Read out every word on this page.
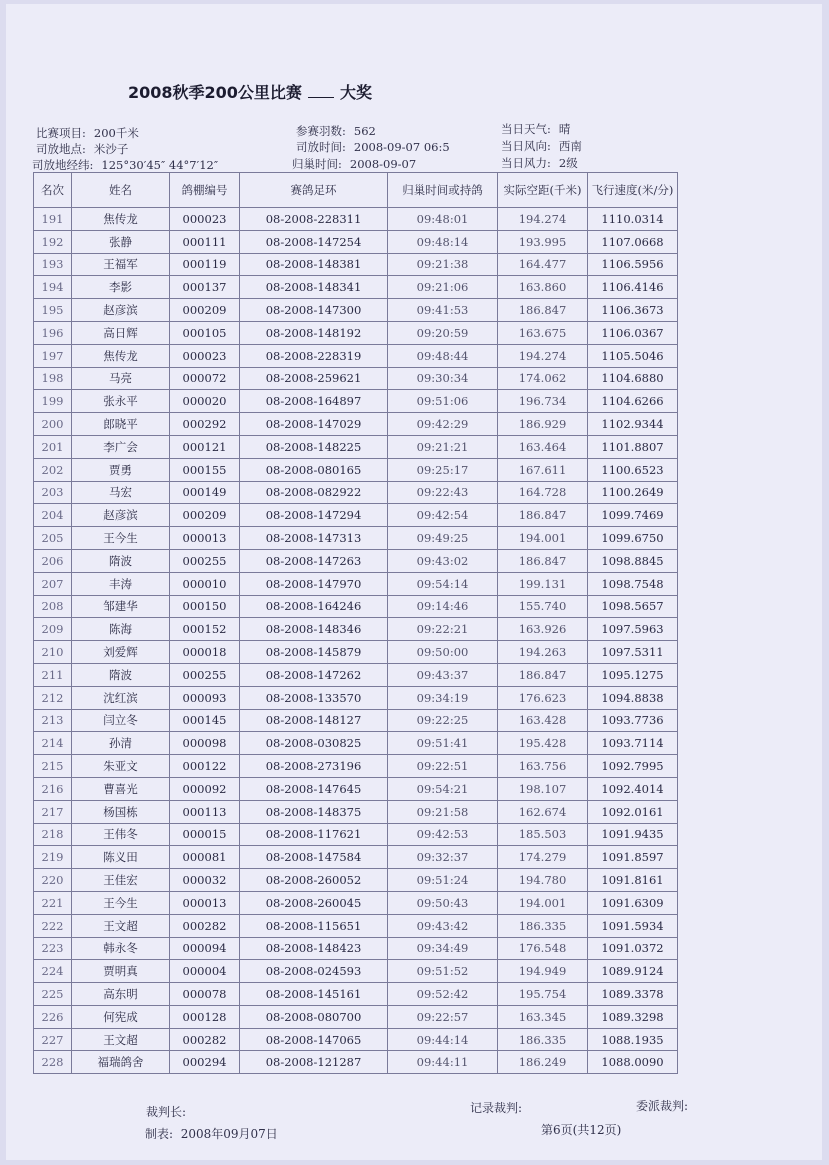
2008秋季200公里比赛 大奖
比赛项目: 200千米
司放地点: 米沙子
司放地经纬: 125°30′45″ 44°7′12″
参赛羽数: 562
司放时间: 2008-09-07 06:5
归巢时间: 2008-09-07
当日天气: 晴
当日风向: 西南
当日风力: 2级
名次	姓名	鸽棚编号	赛鸽足环	归巢时间或持鸽	实际空距(千米)	飞行速度(米/分)
191	焦传龙	000023	08-2008-228311	09:48:01	194.274	1110.0314
192	张静	000111	08-2008-147254	09:48:14	193.995	1107.0668
193	王福军	000119	08-2008-148381	09:21:38	164.477	1106.5956
194	李影	000137	08-2008-148341	09:21:06	163.860	1106.4146
195	赵彦滨	000209	08-2008-147300	09:41:53	186.847	1106.3673
196	高日辉	000105	08-2008-148192	09:20:59	163.675	1106.0367
197	焦传龙	000023	08-2008-228319	09:48:44	194.274	1105.5046
198	马亮	000072	08-2008-259621	09:30:34	174.062	1104.6880
199	张永平	000020	08-2008-164897	09:51:06	196.734	1104.6266
200	郎晓平	000292	08-2008-147029	09:42:29	186.929	1102.9344
201	李广会	000121	08-2008-148225	09:21:21	163.464	1101.8807
202	贾勇	000155	08-2008-080165	09:25:17	167.611	1100.6523
203	马宏	000149	08-2008-082922	09:22:43	164.728	1100.2649
204	赵彦滨	000209	08-2008-147294	09:42:54	186.847	1099.7469
205	王今生	000013	08-2008-147313	09:49:25	194.001	1099.6750
206	隋波	000255	08-2008-147263	09:43:02	186.847	1098.8845
207	丰涛	000010	08-2008-147970	09:54:14	199.131	1098.7548
208	邹建华	000150	08-2008-164246	09:14:46	155.740	1098.5657
209	陈海	000152	08-2008-148346	09:22:21	163.926	1097.5963
210	刘爱辉	000018	08-2008-145879	09:50:00	194.263	1097.5311
211	隋波	000255	08-2008-147262	09:43:37	186.847	1095.1275
212	沈红滨	000093	08-2008-133570	09:34:19	176.623	1094.8838
213	闫立冬	000145	08-2008-148127	09:22:25	163.428	1093.7736
214	孙清	000098	08-2008-030825	09:51:41	195.428	1093.7114
215	朱亚文	000122	08-2008-273196	09:22:51	163.756	1092.7995
216	曹喜光	000092	08-2008-147645	09:54:21	198.107	1092.4014
217	杨国栋	000113	08-2008-148375	09:21:58	162.674	1092.0161
218	王伟冬	000015	08-2008-117621	09:42:53	185.503	1091.9435
219	陈义田	000081	08-2008-147584	09:32:37	174.279	1091.8597
220	王佳宏	000032	08-2008-260052	09:51:24	194.780	1091.8161
221	王今生	000013	08-2008-260045	09:50:43	194.001	1091.6309
222	王文超	000282	08-2008-115651	09:43:42	186.335	1091.5934
223	韩永冬	000094	08-2008-148423	09:34:49	176.548	1091.0372
224	贾明真	000004	08-2008-024593	09:51:52	194.949	1089.9124
225	高东明	000078	08-2008-145161	09:52:42	195.754	1089.3378
226	何宪成	000128	08-2008-080700	09:22:57	163.345	1089.3298
227	王文超	000282	08-2008-147065	09:44:14	186.335	1088.1935
228	福瑞鸽舍	000294	08-2008-121287	09:44:11	186.249	1088.0090
裁判长:	记录裁判:	委派裁判:
制表: 2008年09月07日	第6页(共12页)
